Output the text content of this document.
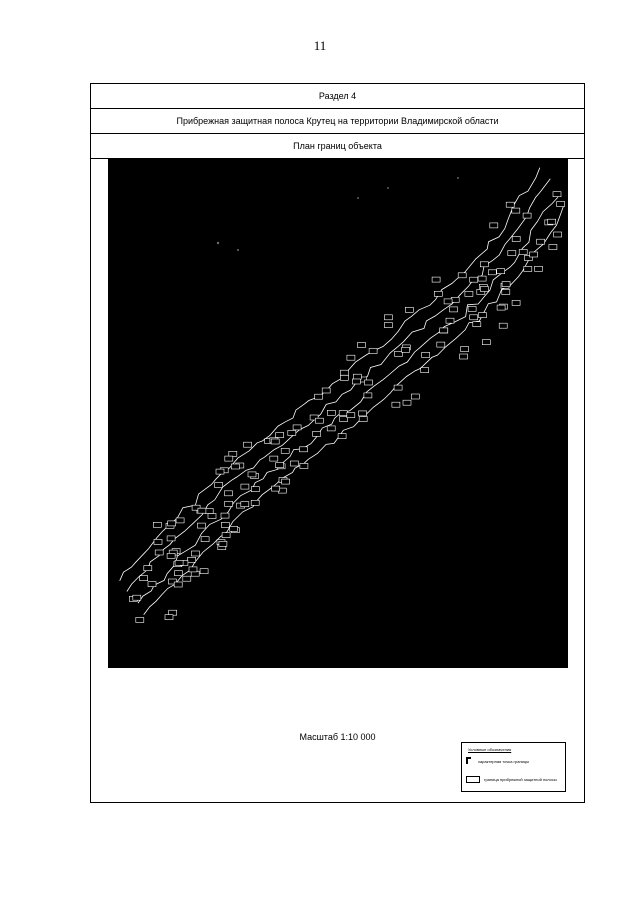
11
Раздел 4
Прибрежная защитная полоса Крутец на территории Владимирской области
План границ объекта
Масштаб 1:10 000
Условные обозначения
характерная точка границы
граница прибрежной защитной полосы
